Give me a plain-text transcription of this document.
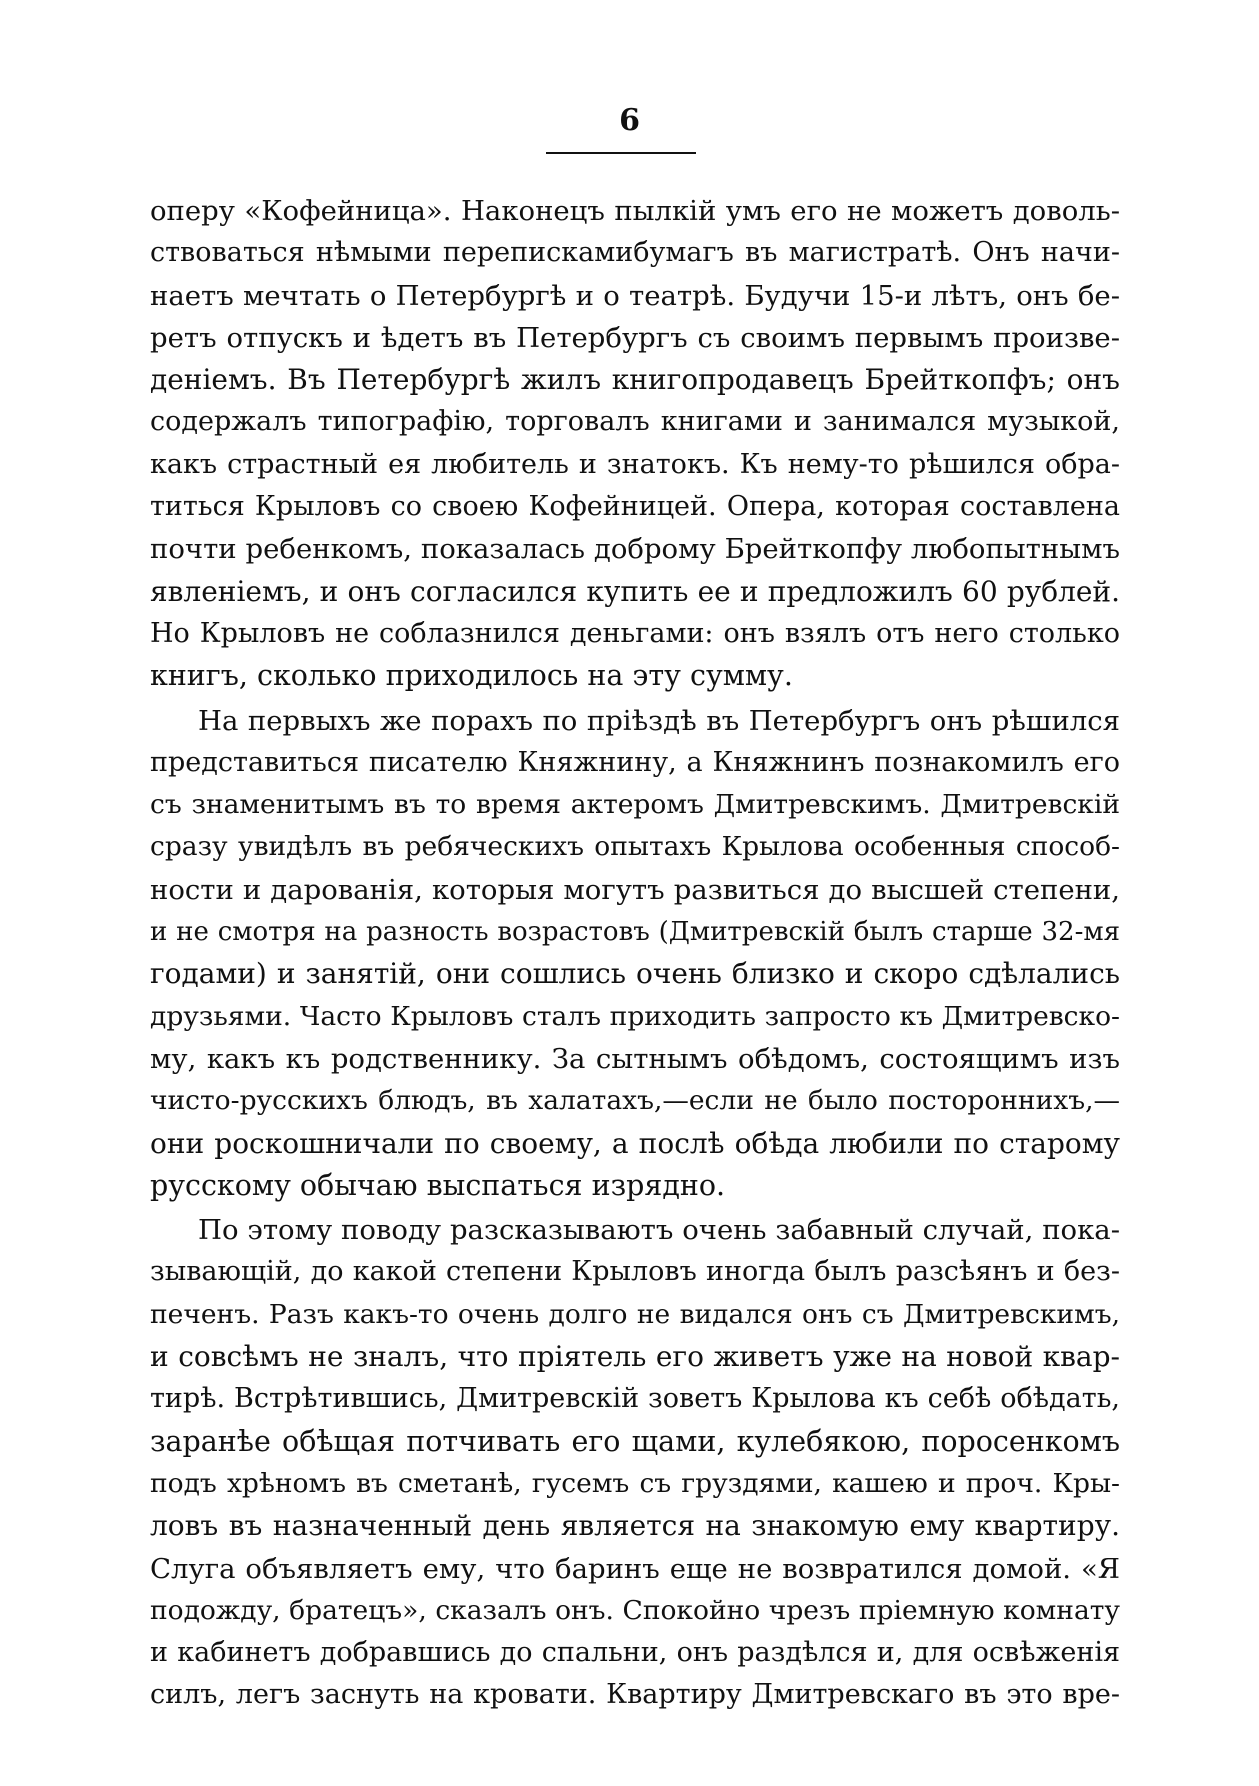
6
оперу «Кофейница». Наконецъ пылкій умъ его не можетъ доволь-
ствоваться нѣмыми перепискамибумагъ въ магистратѣ. Онъ начи-
наетъ мечтать о Петербургѣ и о театрѣ. Будучи 15-и лѣтъ, онъ бе-
ретъ отпускъ и ѣдетъ въ Петербургъ съ своимъ первымъ произве-
деніемъ. Въ Петербургѣ жилъ книгопродавецъ Брейткопфъ; онъ
содержалъ типографію, торговалъ книгами и занимался музыкой,
какъ страстный ея любитель и знатокъ. Къ нему-то рѣшился обра-
титься Крыловъ со своею Кофейницей. Опера, которая составлена
почти ребенкомъ, показалась доброму Брейткопфу любопытнымъ
явленіемъ, и онъ согласился купить ее и предложилъ 60 рублей.
Но Крыловъ не соблазнился деньгами: онъ взялъ отъ него столько
книгъ, сколько приходилось на эту сумму.
На первыхъ же порахъ по пріѣздѣ въ Петербургъ онъ рѣшился
представиться писателю Княжнину, а Княжнинъ познакомилъ его
съ знаменитымъ въ то время актеромъ Дмитревскимъ. Дмитревскій
сразу увидѣлъ въ ребяческихъ опытахъ Крылова особенныя способ-
ности и дарованія, которыя могутъ развиться до высшей степени,
и не смотря на разность возрастовъ (Дмитревскій былъ старше 32-мя
годами) и занятій, они сошлись очень близко и скоро сдѣлались
друзьями. Часто Крыловъ сталъ приходить запросто къ Дмитревско-
му, какъ къ родственнику. За сытнымъ обѣдомъ, состоящимъ изъ
чисто-русскихъ блюдъ, въ халатахъ,—если не было постороннихъ,—
они роскошничали по своему, а послѣ обѣда любили по старому
русскому обычаю выспаться изрядно.
По этому поводу разсказываютъ очень забавный случай, пока-
зывающій, до какой степени Крыловъ иногда былъ разсѣянъ и без-
печенъ. Разъ какъ-то очень долго не видался онъ съ Дмитревскимъ,
и совсѣмъ не зналъ, что пріятель его живетъ уже на новой квар-
тирѣ. Встрѣтившись, Дмитревскій зоветъ Крылова къ себѣ обѣдать,
заранѣе обѣщая потчивать его щами, кулебякою, поросенкомъ
подъ хрѣномъ въ сметанѣ, гусемъ съ груздями, кашею и проч. Кры-
ловъ въ назначенный день является на знакомую ему квартиру.
Слуга объявляетъ ему, что баринъ еще не возвратился домой. «Я
подожду, братецъ», сказалъ онъ. Спокойно чрезъ пріемную комнату
и кабинетъ добравшись до спальни, онъ раздѣлся и, для освѣженія
силъ, легъ заснуть на кровати. Квартиру Дмитревскаго въ это вре-
